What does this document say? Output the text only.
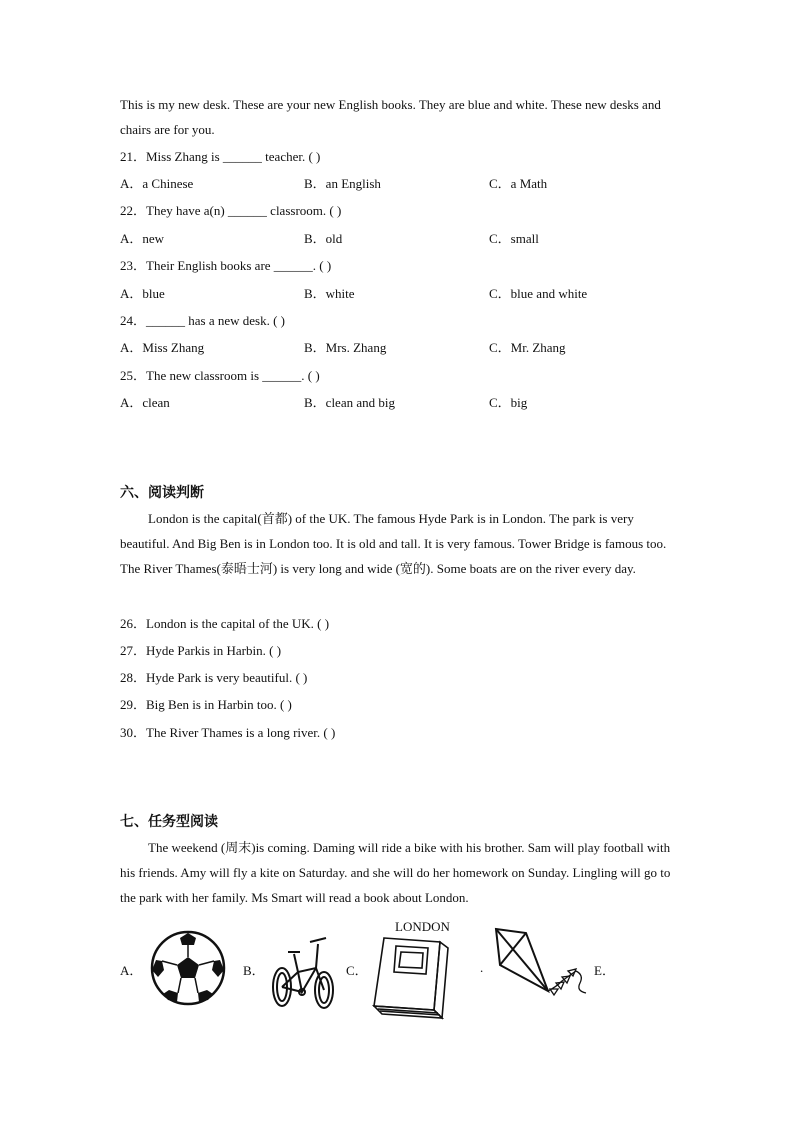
This is my new desk. These are your new English books. They are blue and white. These new desks and chairs are for you.
21．Miss Zhang is ______ teacher. ( )
A．a Chinese	B．an English	C．a Math
22．They have a(n) ______ classroom. ( )
A．new	B．old	C．small
23．Their English books are ______. ( )
A．blue	B．white	C．blue and white
24．______ has a new desk. ( )
A．Miss Zhang	B．Mrs. Zhang	C．Mr. Zhang
25．The new classroom is ______. ( )
A．clean	B．clean and big	C．big
六、阅读判断
London is the capital(首都) of the UK. The famous Hyde Park is in London. The park is very beautiful. And Big Ben is in London too. It is old and tall. It is very famous. Tower Bridge is famous too. The River Thames(泰晤士河) is very long and wide (宽的). Some boats are on the river every day.
26．London is the capital of the UK. ( )
27．Hyde Parkis in Harbin. ( )
28．Hyde Park is very beautiful. ( )
29．Big Ben is in Harbin too. ( )
30．The River Thames is a long river. ( )
七、任务型阅读
The weekend (周末)is coming. Daming will ride a bike with his brother. Sam will play football with his friends. Amy will fly a kite on Saturday. and she will do her homework on Sunday. Lingling will go to the park with her family. Ms Smart will read a book about London.
A．	B．	C．
LONDON
.	E．
